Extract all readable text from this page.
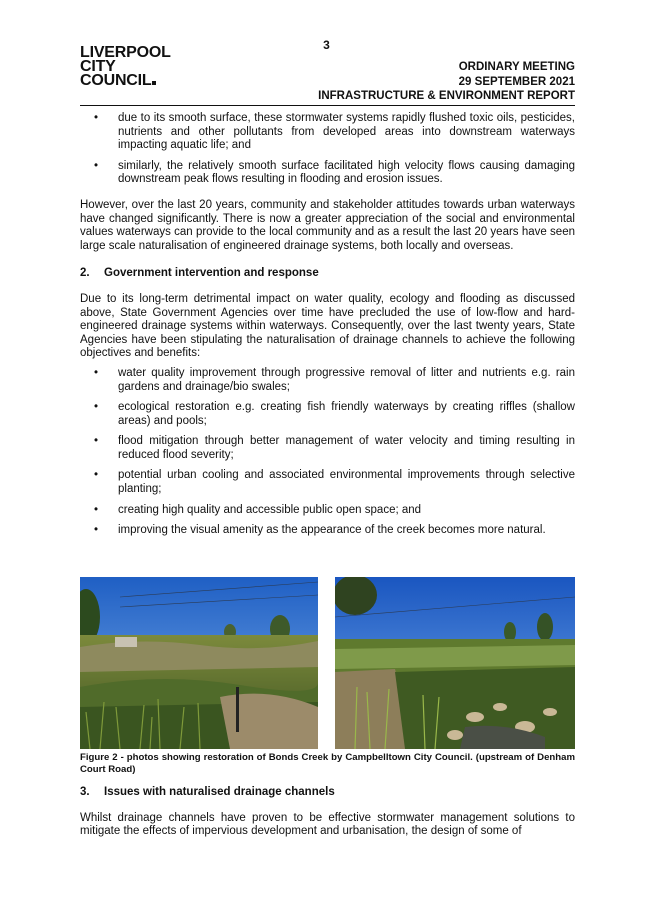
3
LIVERPOOL
CITY
COUNCIL
ORDINARY MEETING
29 SEPTEMBER 2021
INFRASTRUCTURE & ENVIRONMENT REPORT
• due to its smooth surface, these stormwater systems rapidly flushed toxic oils, pesticides, nutrients and other pollutants from developed areas into downstream waterways impacting aquatic life; and
• similarly, the relatively smooth surface facilitated high velocity flows causing damaging downstream peak flows resulting in flooding and erosion issues.

However, over the last 20 years, community and stakeholder attitudes towards urban waterways have changed significantly. There is now a greater appreciation of the social and environmental values waterways can provide to the local community and as a result the last 20 years have seen large scale naturalisation of engineered drainage systems, both locally and overseas.

2.	Government intervention and response

Due to its long-term detrimental impact on water quality, ecology and flooding as discussed above, State Government Agencies over time have precluded the use of low-flow and hard-engineered drainage systems within waterways. Consequently, over the last twenty years, State Agencies have been stipulating the naturalisation of drainage channels to achieve the following objectives and benefits:

• water quality improvement through progressive removal of litter and nutrients e.g. rain gardens and drainage/bio swales;
• ecological restoration e.g. creating fish friendly waterways by creating riffles (shallow areas) and pools;
• flood mitigation through better management of water velocity and timing resulting in reduced flood severity;
• potential urban cooling and associated environmental improvements through selective planting;
• creating high quality and accessible public open space; and
• improving the visual amenity as the appearance of the creek becomes more natural.
Figure 2 - photos showing restoration of Bonds Creek by Campbelltown City Council. (upstream of Denham Court Road)
3.	Issues with naturalised drainage channels

Whilst drainage channels have proven to be effective stormwater management solutions to mitigate the effects of impervious development and urbanisation, the design of some of
